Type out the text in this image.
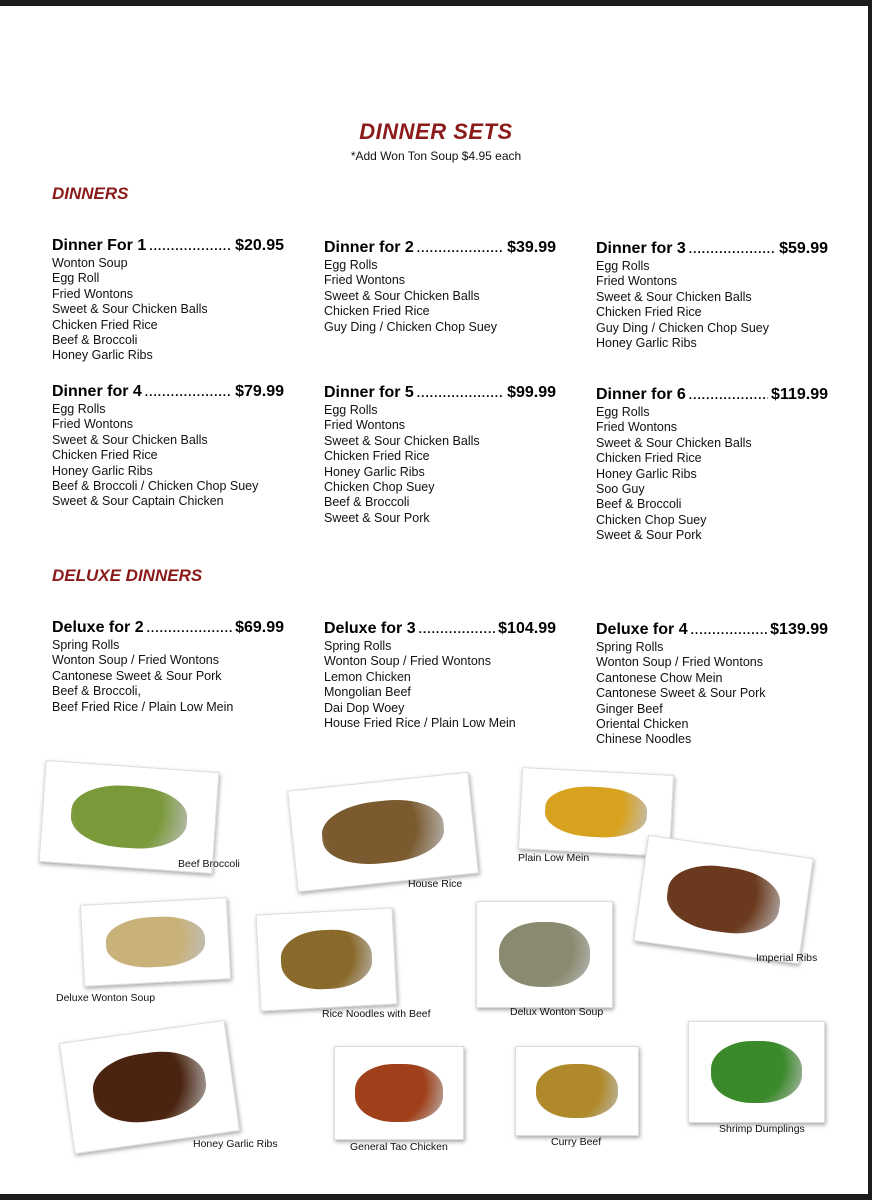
DINNER SETS
*Add Won Ton Soup $4.95 each
DINNERS
DELUXE DINNERS
Dinner For 1 .....	$20.95
Wonton Soup
Egg Roll
Fried Wontons
Sweet & Sour Chicken Balls
Chicken Fried Rice
Beef & Broccoli
Honey Garlic Ribs
Dinner for 2 .....	$39.99
Egg Rolls
Fried Wontons
Sweet & Sour Chicken Balls
Chicken Fried Rice
Guy Ding / Chicken Chop Suey
Dinner for 3 .....	$59.99
Egg Rolls
Fried Wontons
Sweet & Sour Chicken Balls
Chicken Fried Rice
Guy Ding / Chicken Chop Suey
Honey Garlic Ribs
Dinner for 4 .....	$79.99
Egg Rolls
Fried Wontons
Sweet & Sour Chicken Balls
Chicken Fried Rice
Honey Garlic Ribs
Beef & Broccoli / Chicken Chop Suey
Sweet & Sour Captain Chicken
Dinner for 5 .....	$99.99
Egg Rolls
Fried Wontons
Sweet & Sour Chicken Balls
Chicken Fried Rice
Honey Garlic Ribs
Chicken Chop Suey
Beef & Broccoli
Sweet & Sour Pork
Dinner for 6 .....	$119.99
Egg Rolls
Fried Wontons
Sweet & Sour Chicken Balls
Chicken Fried Rice
Honey Garlic Ribs
Soo Guy
Beef & Broccoli
Chicken Chop Suey
Sweet & Sour Pork
Deluxe for 2 .....	$69.99
Spring Rolls
Wonton Soup / Fried Wontons
Cantonese Sweet & Sour Pork
Beef & Broccoli,
Beef Fried Rice / Plain Low Mein
Deluxe for 3 .....	$104.99
Spring Rolls
Wonton Soup / Fried Wontons
Lemon Chicken
Mongolian Beef
Dai Dop Woey
House Fried Rice / Plain Low Mein
Deluxe for 4 .....	$139.99
Spring Rolls
Wonton Soup / Fried Wontons
Cantonese Chow Mein
Cantonese Sweet & Sour Pork
Ginger Beef
Oriental Chicken
Chinese Noodles
Beef Broccoli
House Rice
Plain Low Mein
Imperial Ribs
Deluxe Wonton Soup
Rice Noodles with Beef	Delux Wonton Soup
Honey Garlic Ribs	General Tao Chicken	Curry Beef
Shrimp Dumplings
